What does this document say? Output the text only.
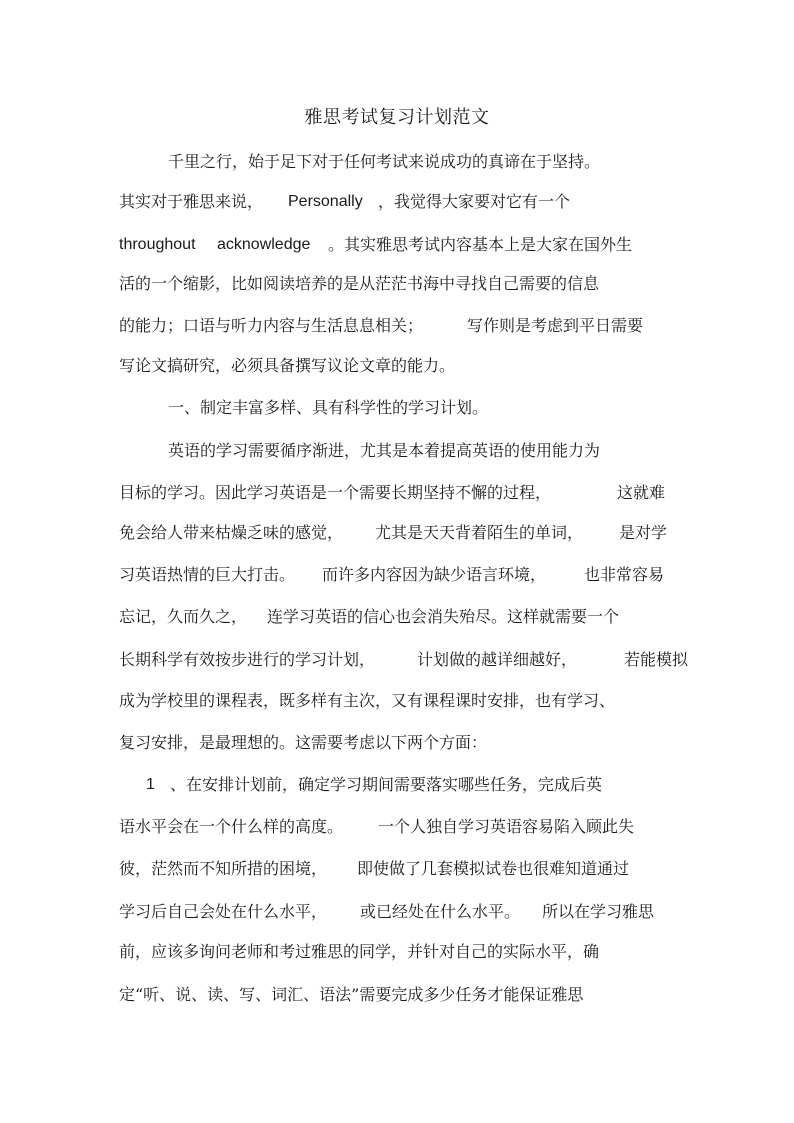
雅思考试复习计划范文
千里之行，始于足下对于任何考试来说成功的真谛在于坚持。
其实对于雅思来说， Personally ，我觉得大家要对它有一个
throughout acknowledge 。其实雅思考试内容基本上是大家在国外生
活的一个缩影，比如阅读培养的是从茫茫书海中寻找自己需要的信息
的能力；口语与听力内容与生活息息相关；	写作则是考虑到平日需要
写论文搞研究，必须具备撰写议论文章的能力。
一、制定丰富多样、具有科学性的学习计划。
英语的学习需要循序渐进，尤其是本着提高英语的使用能力为
目标的学习。因此学习英语是一个需要长期坚持不懈的过程，	这就难
免会给人带来枯燥乏味的感觉， 尤其是天天背着陌生的单词， 是对学
习英语热情的巨大打击。 而许多内容因为缺少语言环境， 也非常容易
忘记，久而久之， 连学习英语的信心也会消失殆尽。这样就需要一个
长期科学有效按步进行的学习计划，	计划做的越详细越好，	若能模拟
成为学校里的课程表，既多样有主次，又有课程课时安排，也有学习、
复习安排，是最理想的。这需要考虑以下两个方面：
1 、在安排计划前，确定学习期间需要落实哪些任务，完成后英
语水平会在一个什么样的高度。 一个人独自学习英语容易陷入顾此失
彼，茫然而不知所措的困境， 即使做了几套模拟试卷也很难知道通过
学习后自己会处在什么水平， 或已经处在什么水平。 所以在学习雅思
前，应该多询问老师和考过雅思的同学，并针对自己的实际水平，确
定“听、说、读、写、词汇、语法”需要完成多少任务才能保证雅思
